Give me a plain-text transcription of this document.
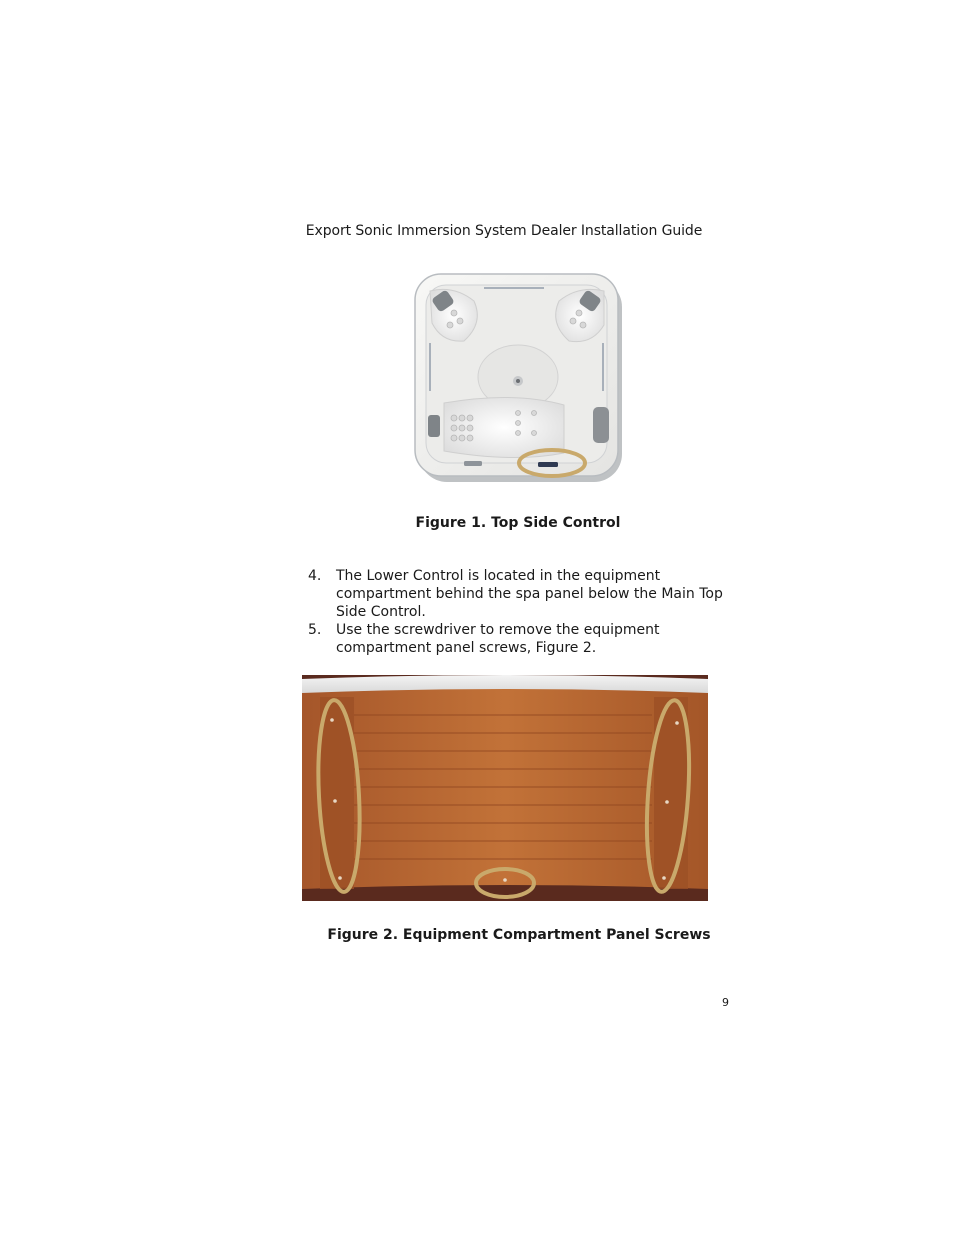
Export Sonic Immersion System Dealer Installation Guide
Figure 1. Top Side Control
4. The Lower Control is located in the equipment compartment behind the spa panel below the Main Top Side Control.
5. Use the screwdriver to remove the equipment compartment panel screws, Figure 2.
Figure 2. Equipment Compartment Panel Screws
9
